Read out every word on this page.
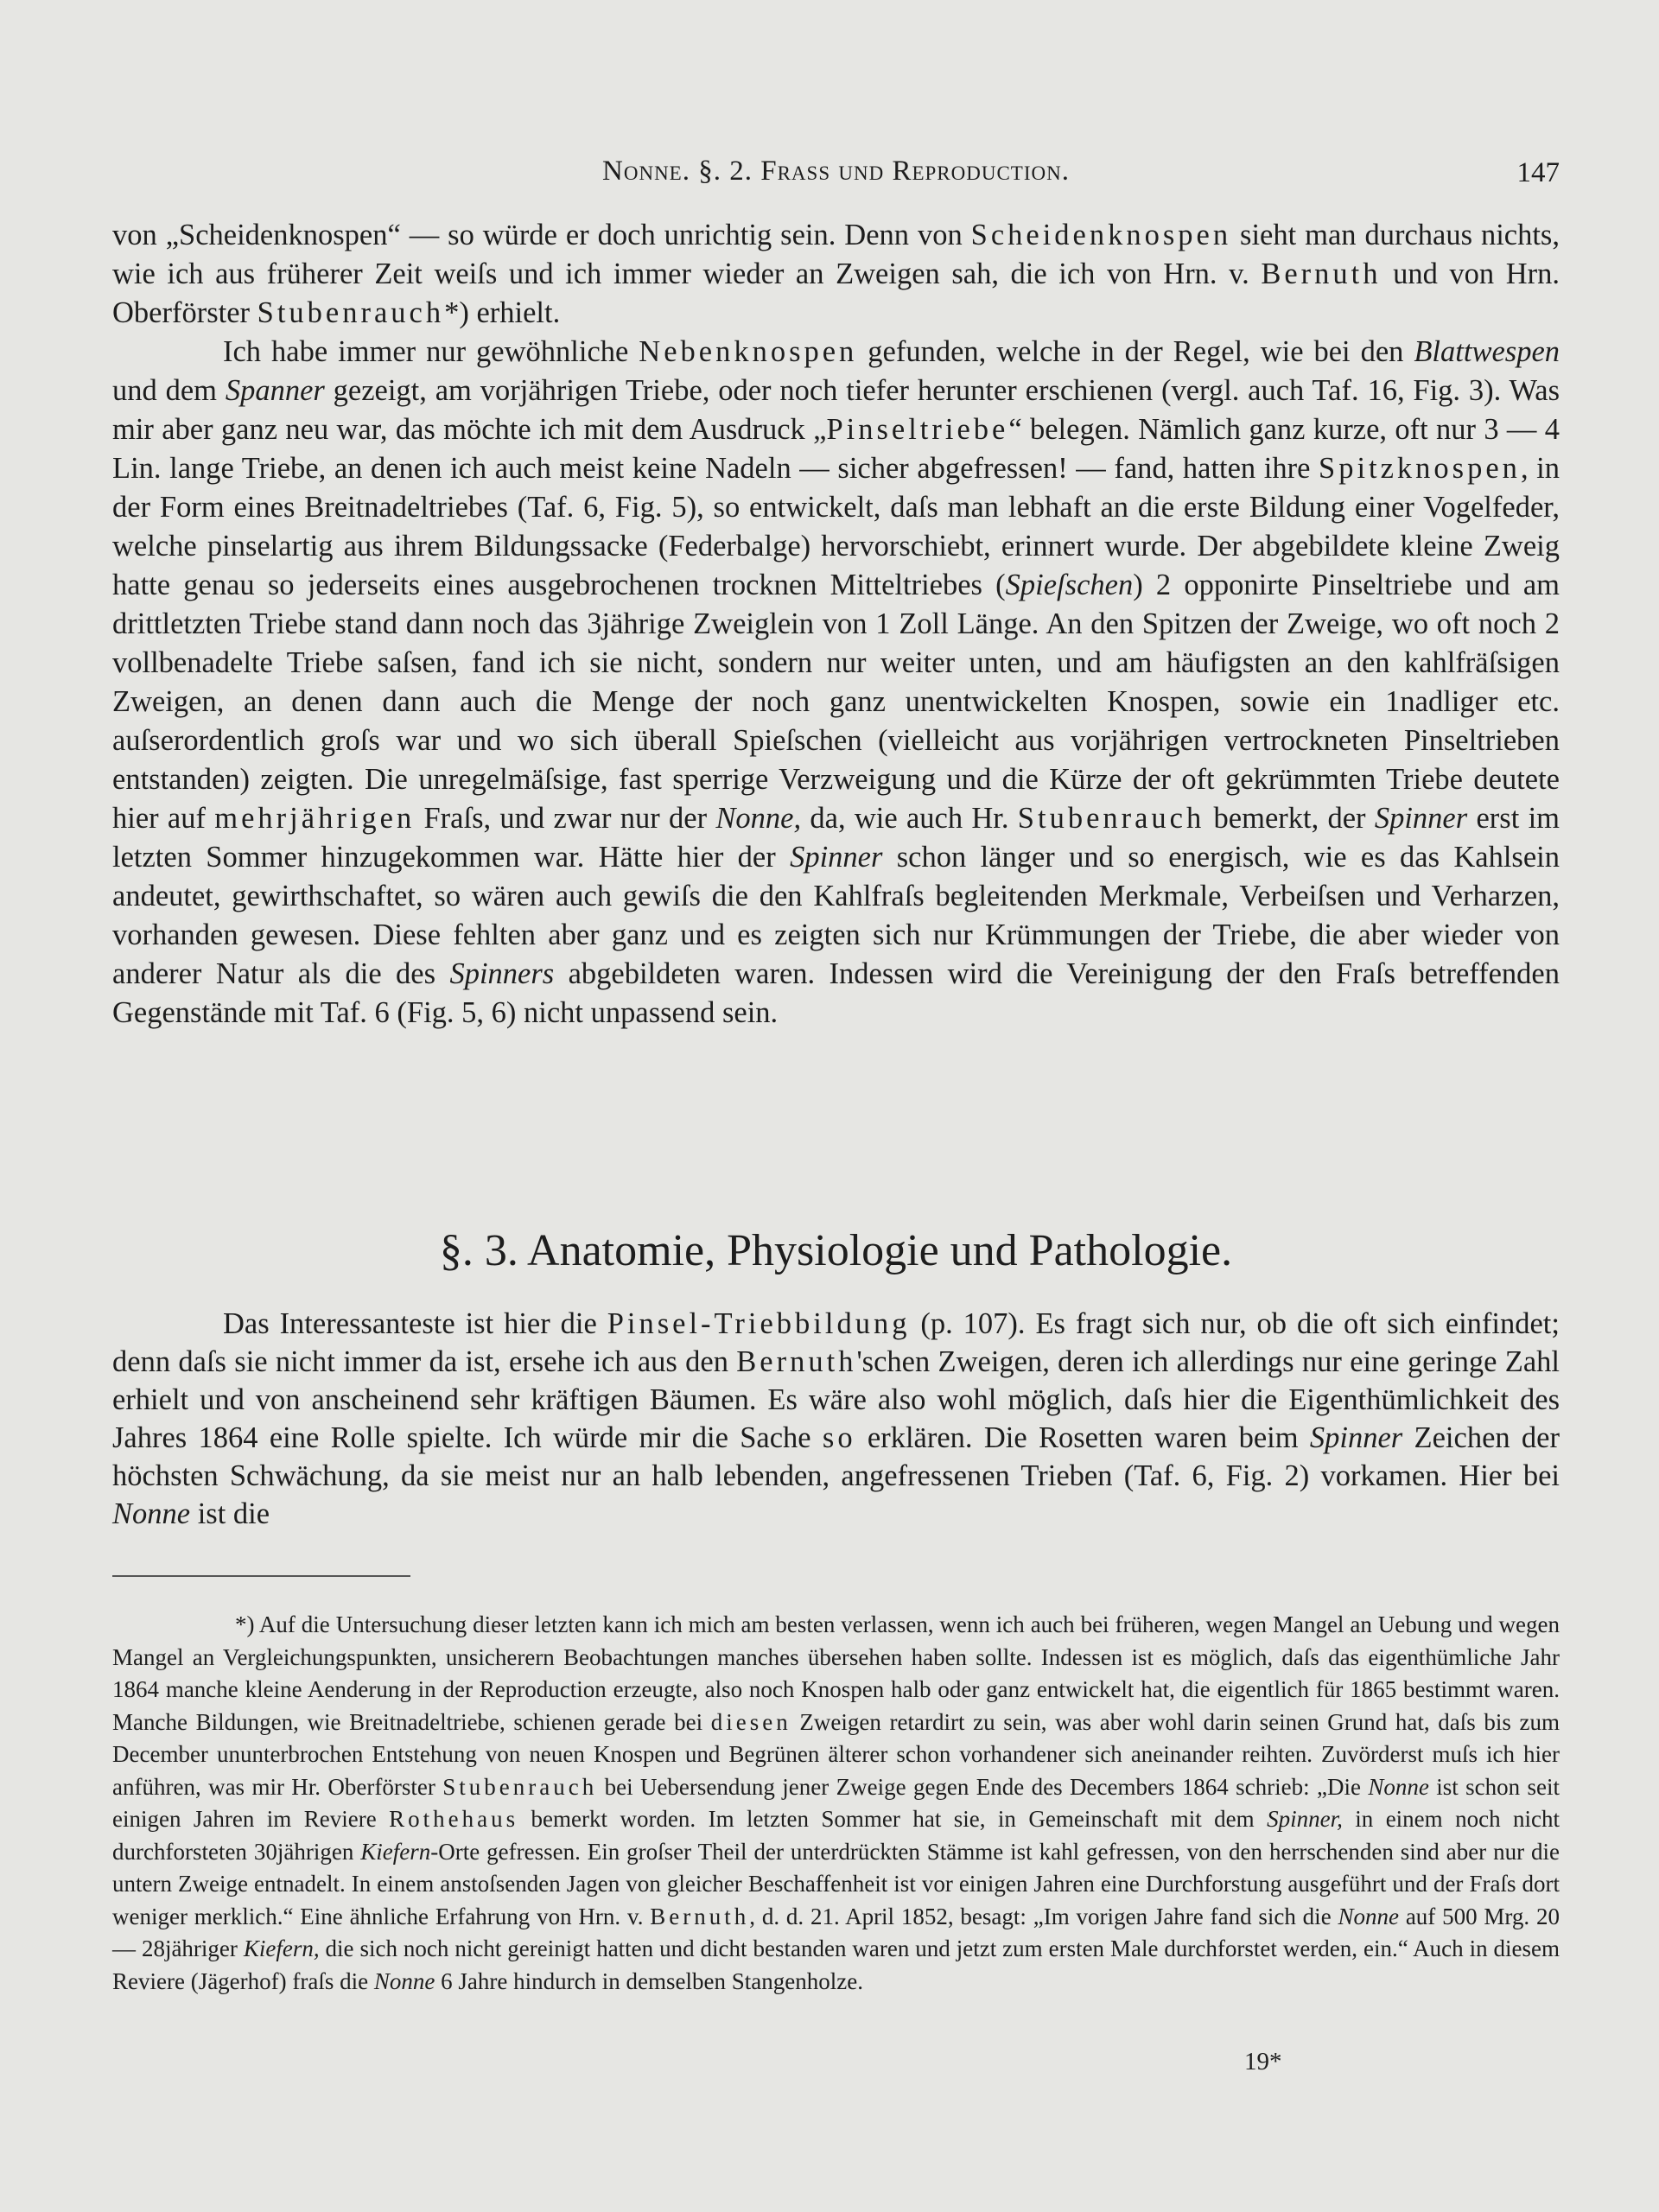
Nonne. §. 2. Frass und Reproduction.	147

von „Scheidenknospen“ — so würde er doch unrichtig sein. Denn von Scheidenknospen sieht man durchaus nichts, wie ich aus früherer Zeit weiſs und ich immer wieder an Zweigen sah, die ich von Hrn. v. Bernuth und von Hrn. Oberförster Stubenrauch*) erhielt.

Ich habe immer nur gewöhnliche Nebenknospen gefunden, welche in der Regel, wie bei den Blattwespen und dem Spanner gezeigt, am vorjährigen Triebe, oder noch tiefer herunter erschienen (vergl. auch Taf. 16, Fig. 3). Was mir aber ganz neu war, das möchte ich mit dem Ausdruck „Pinseltriebe“ belegen. Nämlich ganz kurze, oft nur 3 — 4 Lin. lange Triebe, an denen ich auch meist keine Nadeln — sicher abgefressen! — fand, hatten ihre Spitzknospen, in der Form eines Breitnadeltriebes (Taf. 6, Fig. 5), so entwickelt, daſs man lebhaft an die erste Bildung einer Vogelfeder, welche pinselartig aus ihrem Bildungssacke (Federbalge) hervorschiebt, erinnert wurde. Der abgebildete kleine Zweig hatte genau so jederseits eines ausgebrochenen trocknen Mitteltriebes (Spieſschen) 2 opponirte Pinseltriebe und am drittletzten Triebe stand dann noch das 3jährige Zweiglein von 1 Zoll Länge. An den Spitzen der Zweige, wo oft noch 2 vollbenadelte Triebe saſsen, fand ich sie nicht, sondern nur weiter unten, und am häufigsten an den kahlfräſsigen Zweigen, an denen dann auch die Menge der noch ganz unentwickelten Knospen, sowie ein 1nadliger etc. auſserordentlich groſs war und wo sich überall Spieſschen (vielleicht aus vorjährigen vertrockneten Pinseltrieben entstanden) zeigten. Die unregelmäſsige, fast sperrige Verzweigung und die Kürze der oft gekrümmten Triebe deutete hier auf mehrjährigen Fraſs, und zwar nur der Nonne, da, wie auch Hr. Stubenrauch bemerkt, der Spinner erst im letzten Sommer hinzugekommen war. Hätte hier der Spinner schon länger und so energisch, wie es das Kahlsein andeutet, gewirthschaftet, so wären auch gewiſs die den Kahlfraſs begleitenden Merkmale, Verbeiſsen und Verharzen, vorhanden gewesen. Diese fehlten aber ganz und es zeigten sich nur Krümmungen der Triebe, die aber wieder von anderer Natur als die des Spinners abgebildeten waren. Indessen wird die Vereinigung der den Fraſs betreffenden Gegenstände mit Taf. 6 (Fig. 5, 6) nicht unpassend sein.

§. 3. Anatomie, Physiologie und Pathologie.

Das Interessanteste ist hier die Pinsel-Triebbildung (p. 107). Es fragt sich nur, ob die oft sich einfindet; denn daſs sie nicht immer da ist, ersehe ich aus den Bernuth'schen Zweigen, deren ich allerdings nur eine geringe Zahl erhielt und von anscheinend sehr kräftigen Bäumen. Es wäre also wohl möglich, daſs hier die Eigenthümlichkeit des Jahres 1864 eine Rolle spielte. Ich würde mir die Sache so erklären. Die Rosetten waren beim Spinner Zeichen der höchsten Schwächung, da sie meist nur an halb lebenden, angefressenen Trieben (Taf. 6, Fig. 2) vorkamen. Hier bei Nonne ist die

*) Auf die Untersuchung dieser letzten kann ich mich am besten verlassen, wenn ich auch bei früheren, wegen Mangel an Uebung und wegen Mangel an Vergleichungspunkten, unsicherern Beobachtungen manches übersehen haben sollte. Indessen ist es möglich, daſs das eigenthümliche Jahr 1864 manche kleine Aenderung in der Reproduction erzeugte, also noch Knospen halb oder ganz entwickelt hat, die eigentlich für 1865 bestimmt waren. Manche Bildungen, wie Breitnadeltriebe, schienen gerade bei diesen Zweigen retardirt zu sein, was aber wohl darin seinen Grund hat, daſs bis zum December ununterbrochen Entstehung von neuen Knospen und Begrünen älterer schon vorhandener sich aneinander reihten. Zuvörderst muſs ich hier anführen, was mir Hr. Oberförster Stubenrauch bei Uebersendung jener Zweige gegen Ende des Decembers 1864 schrieb: „Die Nonne ist schon seit einigen Jahren im Reviere Rothehaus bemerkt worden. Im letzten Sommer hat sie, in Gemeinschaft mit dem Spinner, in einem noch nicht durchforsteten 30jährigen Kiefern-Orte gefressen. Ein groſser Theil der unterdrückten Stämme ist kahl gefressen, von den herrschenden sind aber nur die untern Zweige entnadelt. In einem anstoſsenden Jagen von gleicher Beschaffenheit ist vor einigen Jahren eine Durchforstung ausgeführt und der Fraſs dort weniger merklich.“ Eine ähnliche Erfahrung von Hrn. v. Bernuth, d. d. 21. April 1852, besagt: „Im vorigen Jahre fand sich die Nonne auf 500 Mrg. 20 — 28jähriger Kiefern, die sich noch nicht gereinigt hatten und dicht bestanden waren und jetzt zum ersten Male durchforstet werden, ein.“ Auch in diesem Reviere (Jägerhof) fraſs die Nonne 6 Jahre hindurch in demselben Stangenholze.

19*
